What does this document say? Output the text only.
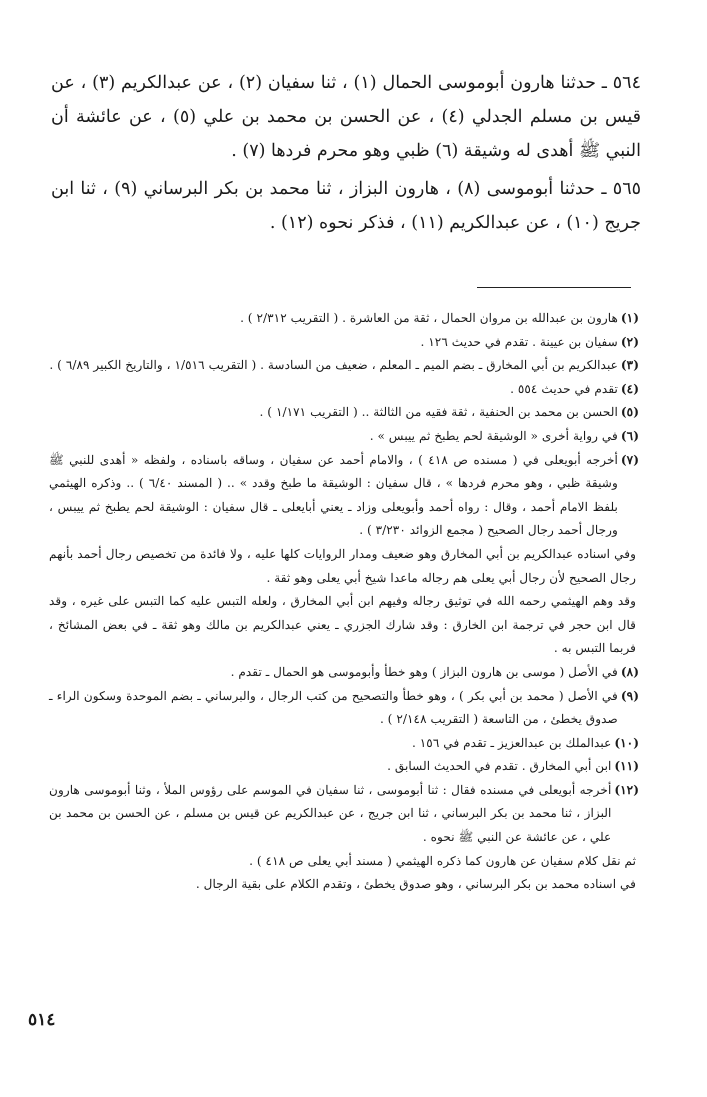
٥٦٤ ـ حدثنا هارون أبوموسى الحمال (١) ، ثنا سفيان (٢) ، عن عبدالكريم (٣) ، عن قيس بن مسلم الجدلي (٤) ، عن الحسن بن محمد بن علي (٥) ، عن عائشة أن النبي ﷺ أهدى له وشيقة (٦) ظبي وهو محرم فردها (٧) .

٥٦٥ ـ حدثنا أبوموسى (٨) ، هارون البزاز ، ثنا محمد بن بكر البرساني (٩) ، ثنا ابن جريج (١٠) ، عن عبدالكريم (١١) ، فذكر نحوه (١٢) .

(١)
هارون بن عبدالله بن مروان الحمال ، ثقة من العاشرة . ( التقريب ٢/٣١٢ ) .
(٢)
سفيان بن عيينة . تقدم في حديث ١٢٦ .
(٣)
عبدالكريم بن أبي المخارق ـ بضم الميم ـ المعلم ، ضعيف من السادسة . ( التقريب ١/٥١٦ ، والتاريخ الكبير ٦/٨٩ ) .
(٤)
تقدم في حديث ٥٥٤ .
(٥)
الحسن بن محمد بن الحنفية ، ثقة فقيه من الثالثة .. ( التقريب ١/١٧١ ) .
(٦)
في رواية أخرى « الوشيقة لحم يطبخ ثم ييبس » .
(٧)
أخرجه أبويعلى في ( مسنده ص ٤١٨ ) ، والامام أحمد عن سفيان ، وساقه باسناده ، ولفظه « أهدى للنبي ﷺ وشيقة ظبي ، وهو محرم فردها » ، قال سفيان : الوشيقة ما طبخ وقدد » .. ( المسند ٦/٤٠ ) .. وذكره الهيثمي بلفظ الامام أحمد ، وقال : رواه أحمد وأبويعلى وزاد ـ يعني أبايعلى ـ قال سفيان : الوشيقة لحم يطبخ ثم ييبس ، ورجال أحمد رجال الصحيح ( مجمع الزوائد ٣/٢٣٠ ) .
وفي اسناده عبدالكريم بن أبي المخارق وهو ضعيف ومدار الروايات كلها عليه ، ولا فائدة من تخصيص رجال أحمد بأنهم رجال الصحيح لأن رجال أبي يعلى هم رجاله ماعدا شيخ أبي يعلى وهو ثقة .
وقد وهم الهيثمي رحمه الله في توثيق رجاله وفيهم ابن أبي المخارق ، ولعله التبس عليه كما التبس على غيره ، وقد قال ابن حجر في ترجمة ابن الخارق : وقد شارك الجزري ـ يعني عبدالكريم بن مالك وهو ثقة ـ في بعض المشائخ ، فربما التبس به .
(٨)
في الأصل ( موسى بن هارون البزاز ) وهو خطأ وأبوموسى هو الحمال ـ تقدم .
(٩)
في الأصل ( محمد بن أبي بكر ) ، وهو خطأ والتصحيح من كتب الرجال ، والبرساني ـ بضم الموحدة وسكون الراء ـ صدوق يخطئ ، من التاسعة ( التقريب ٢/١٤٨ ) .
(١٠)
عبدالملك بن عبدالعزيز ـ تقدم في ١٥٦ .
(١١)
ابن أبي المخارق . تقدم في الحديث السابق .
(١٢)
أخرجه أبويعلى في مسنده فقال : ثنا أبوموسى ، ثنا سفيان في الموسم على رؤوس الملأ ، وثنا أبوموسى هارون البزاز ، ثنا محمد بن بكر البرساني ، ثنا ابن جريج ، عن عبدالكريم عن قيس بن مسلم ، عن الحسن بن محمد بن علي ، عن عائشة عن النبي ﷺ نحوه .
ثم نقل كلام سفيان عن هارون كما ذكره الهيثمي ( مسند أبي يعلى ص ٤١٨ ) .
في اسناده محمد بن بكر البرساني ، وهو صدوق يخطئ ، وتقدم الكلام على بقية الرجال .
٥١٤
